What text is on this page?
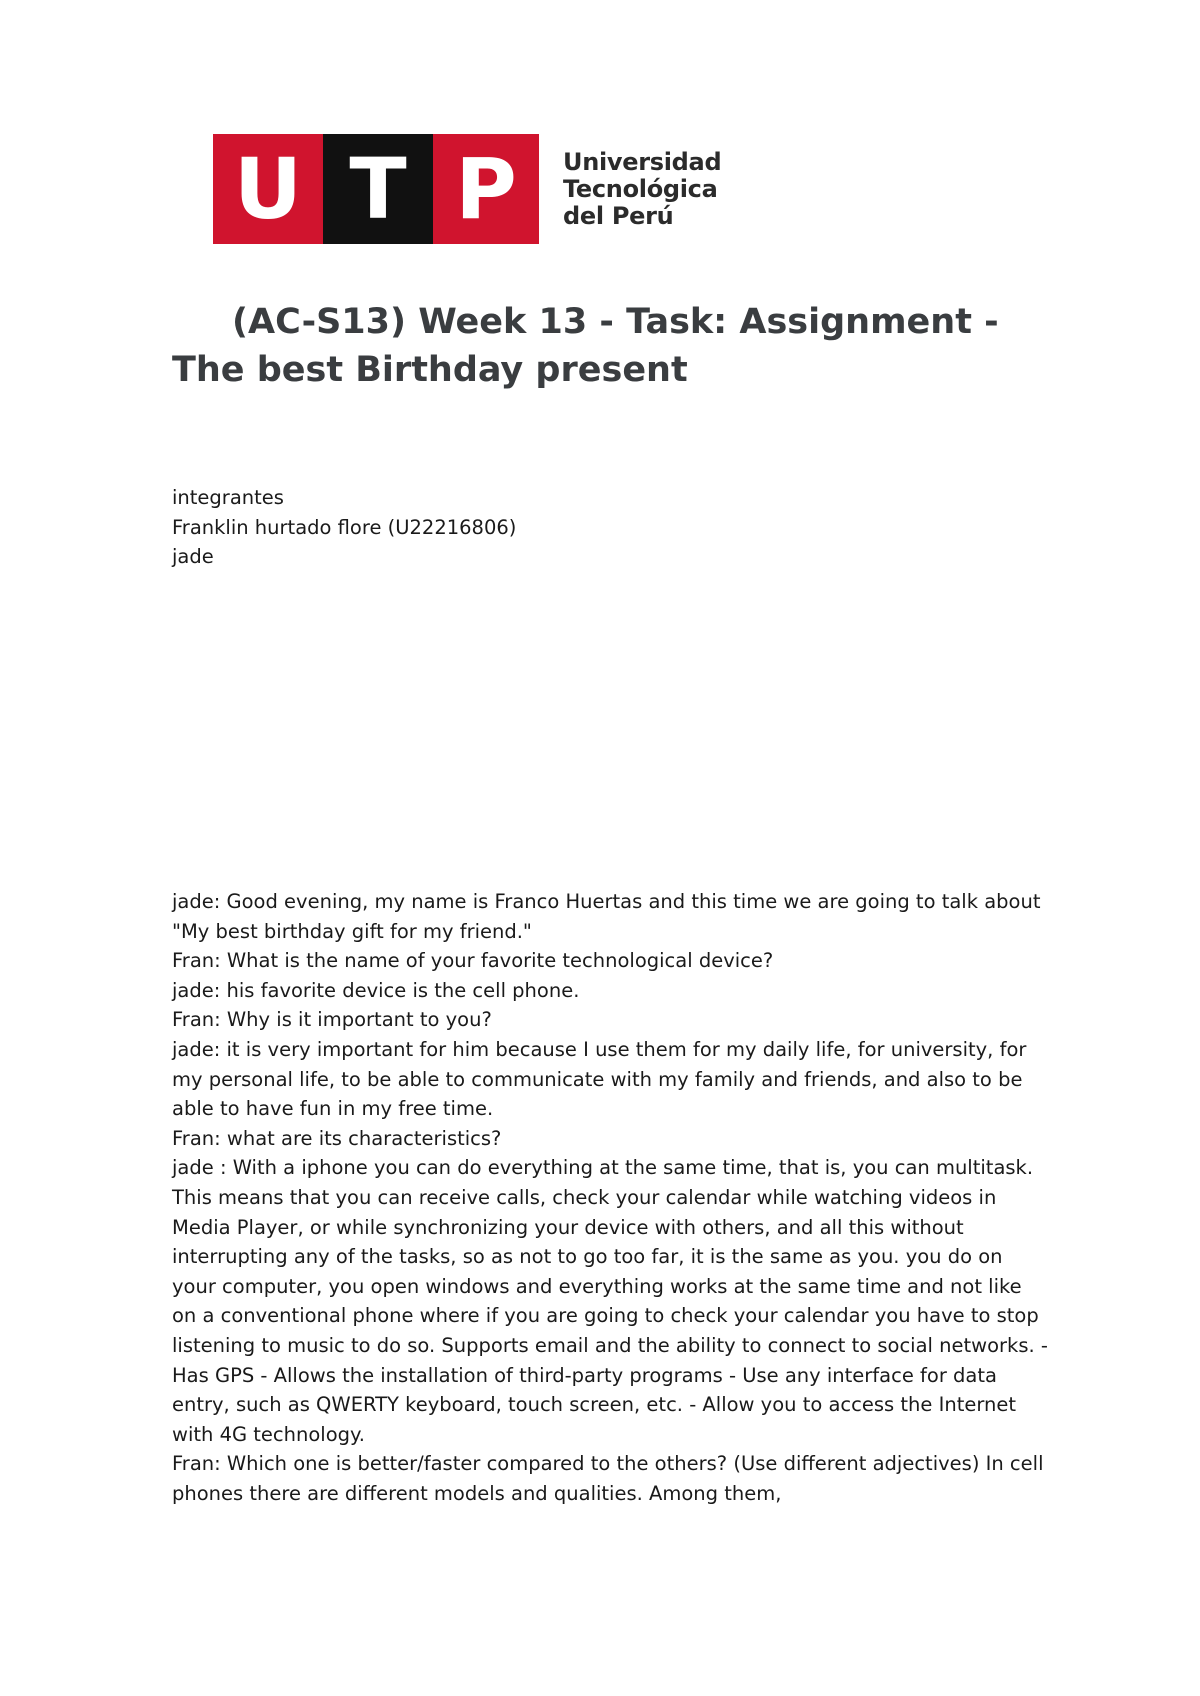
U T P	Universidad
Tecnológica
del Perú
(AC-S13) Week 13 - Task: Assignment - The best Birthday present
integrantes
Franklin hurtado flore (U22216806)
jade

jade: Good evening, my name is Franco Huertas and this time we are going to talk about "My best birthday gift for my friend."

Fran: What is the name of your favorite technological device?

jade: his favorite device is the cell phone.

Fran: Why is it important to you?

jade: it is very important for him because I use them for my daily life, for university, for my personal life, to be able to communicate with my family and friends, and also to be able to have fun in my free time.

Fran: what are its characteristics?

jade : With a iphone you can do everything at the same time, that is, you can multitask. This means that you can receive calls, check your calendar while watching videos in Media Player, or while synchronizing your device with others, and all this without interrupting any of the tasks, so as not to go too far, it is the same as you. you do on your computer, you open windows and everything works at the same time and not like on a conventional phone where if you are going to check your calendar you have to stop listening to music to do so. Supports email and the ability to connect to social networks. - Has GPS - Allows the installation of third-party programs - Use any interface for data entry, such as QWERTY keyboard, touch screen, etc. - Allow you to access the Internet with 4G technology.

Fran: Which one is better/faster compared to the others? (Use different adjectives) In cell phones there are different models and qualities. Among them,
